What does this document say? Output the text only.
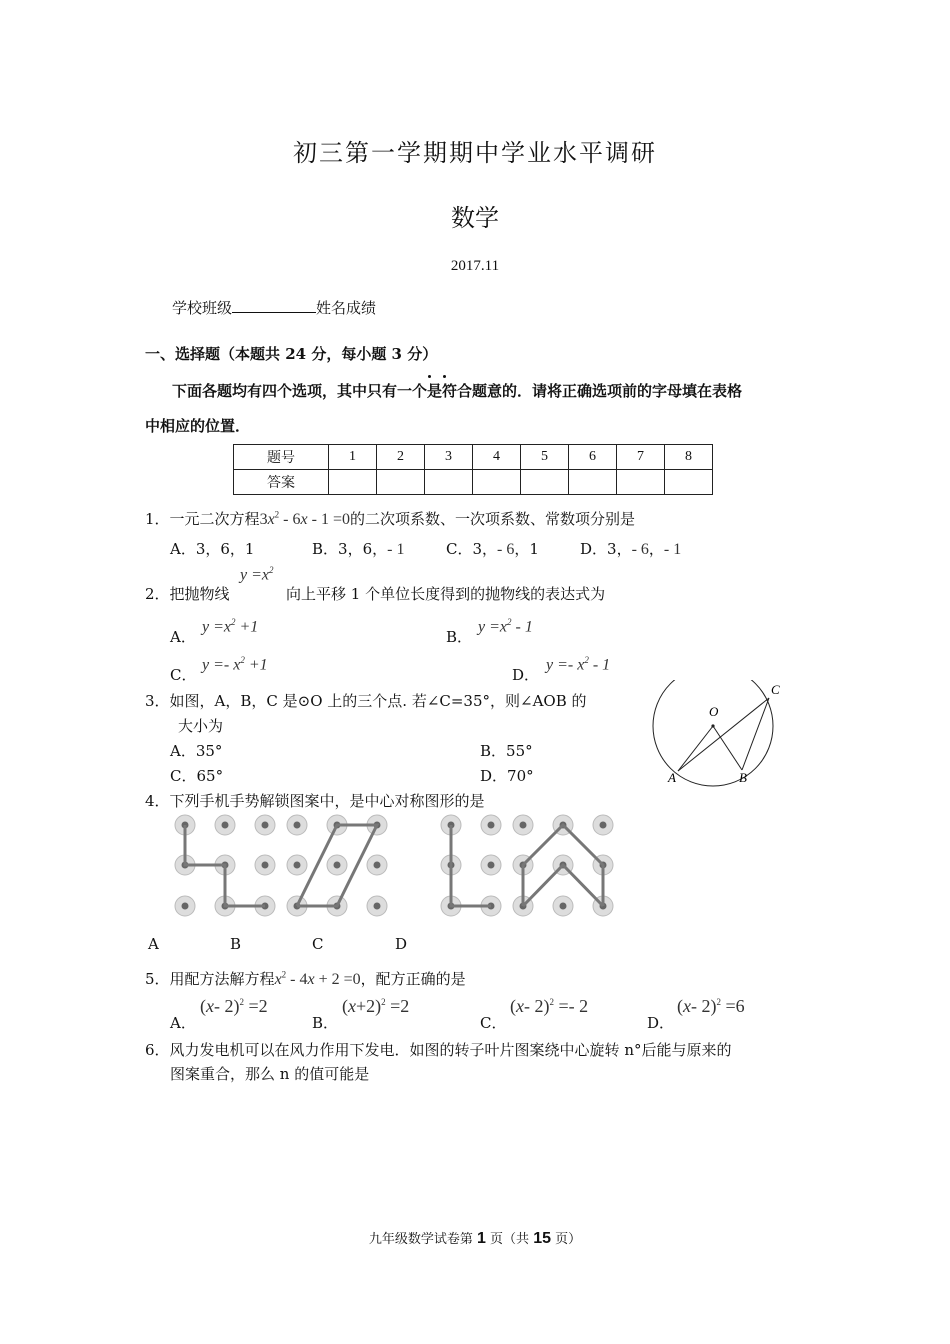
初三第一学期期中学业水平调研
数学
2017.11
学校班级	姓名成绩
一、选择题（本题共 24 分，每小题 3 分）
下面各题均有四个选项，其中只有一个是符合题意的．请将正确选项前的字母填在表格
中相应的位置．
题号	1	2	3	4	5	6	7	8
答案								
1．一元二次方程$3x^2 - 6x - 1 =0$的二次项系数、一次项系数、常数项分别是
A．3，6，1	B．3，6，- 1	C．3，- 6，1	D．3，- 6，- 1
2．把抛物线
$y =x^2$
向上平移 1 个单位长度得到的抛物线的表达式为
A．
$y =x^2 +1$
B．
$y =x^2 - 1$
C．
$y =- x^2 +1$
D．
$y =- x^2 - 1$
3．如图，A，B，C 是⊙O 上的三个点. 若∠C=35°，则∠AOB 的
大小为
A．35°	B．55°
C．65°	D．70°
O
A	B
C
4．下列手机手势解锁图案中，是中心对称图形的是
A	B	C	D
5．用配方法解方程$x^2 - 4x + 2 =0$，配方正确的是
A．
(x- 2)$^2$ =2
B．
$(x+2)^2 =2$
C．
(x- 2)$^2$ =- 2
D．
(x- 2)$^2$ =6
6．风力发电机可以在风力作用下发电．如图的转子叶片图案绕中心旋转 n°后能与原来的
图案重合，那么 n 的值可能是
九年级数学试卷第 1 页（共 15 页）
